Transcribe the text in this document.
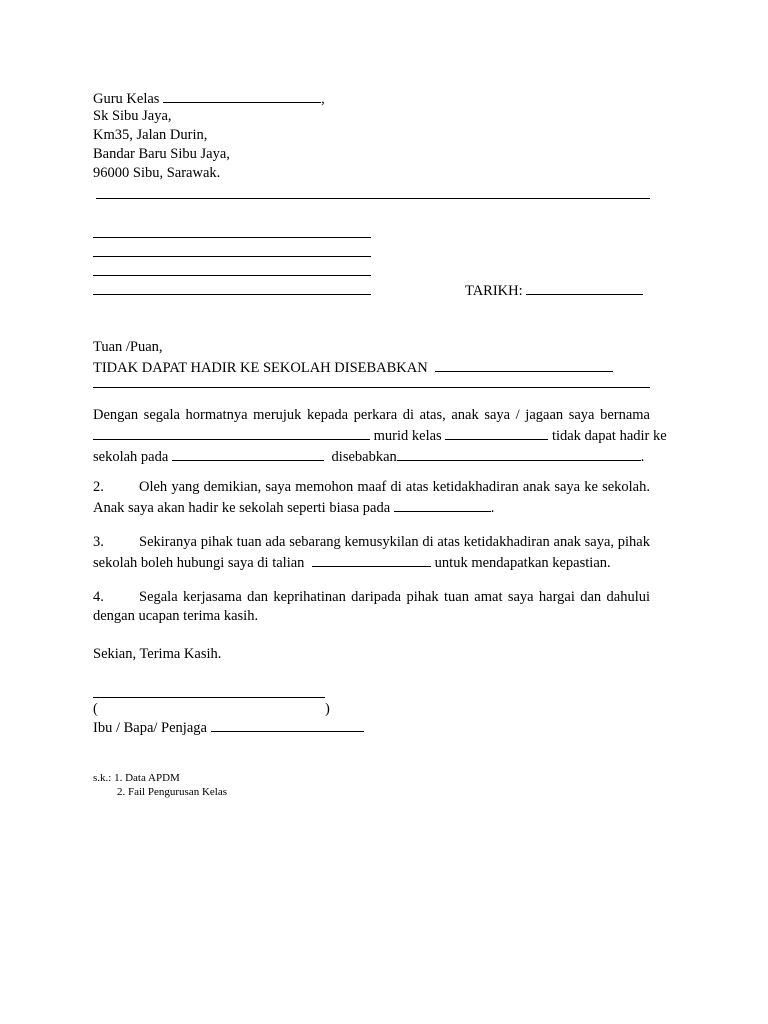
Guru Kelas	,
Sk Sibu Jaya,
Km35, Jalan Durin,
Bandar Baru Sibu Jaya,
96000 Sibu, Sarawak.
TARIKH:
Tuan /Puan,
TIDAK DAPAT HADIR KE SEKOLAH DISEBABKAN
Dengan segala hormatnya merujuk kepada perkara di atas, anak saya / jagaan saya bernama
murid kelas	tidak dapat hadir ke
sekolah pada	disebabkan	.
2. Oleh yang demikian, saya memohon maaf di atas ketidakhadiran anak saya ke sekolah.
Anak saya akan hadir ke sekolah seperti biasa pada	.
3. Sekiranya pihak tuan ada sebarang kemusykilan di atas ketidakhadiran anak saya, pihak
sekolah boleh hubungi saya di talian	untuk mendapatkan kepastian.
4. Segala kerjasama dan keprihatinan daripada pihak tuan amat saya hargai dan dahului
dengan ucapan terima kasih.
Sekian, Terima Kasih.
(	)
Ibu / Bapa/ Penjaga
s.k.: 1. Data APDM
2. Fail Pengurusan Kelas
